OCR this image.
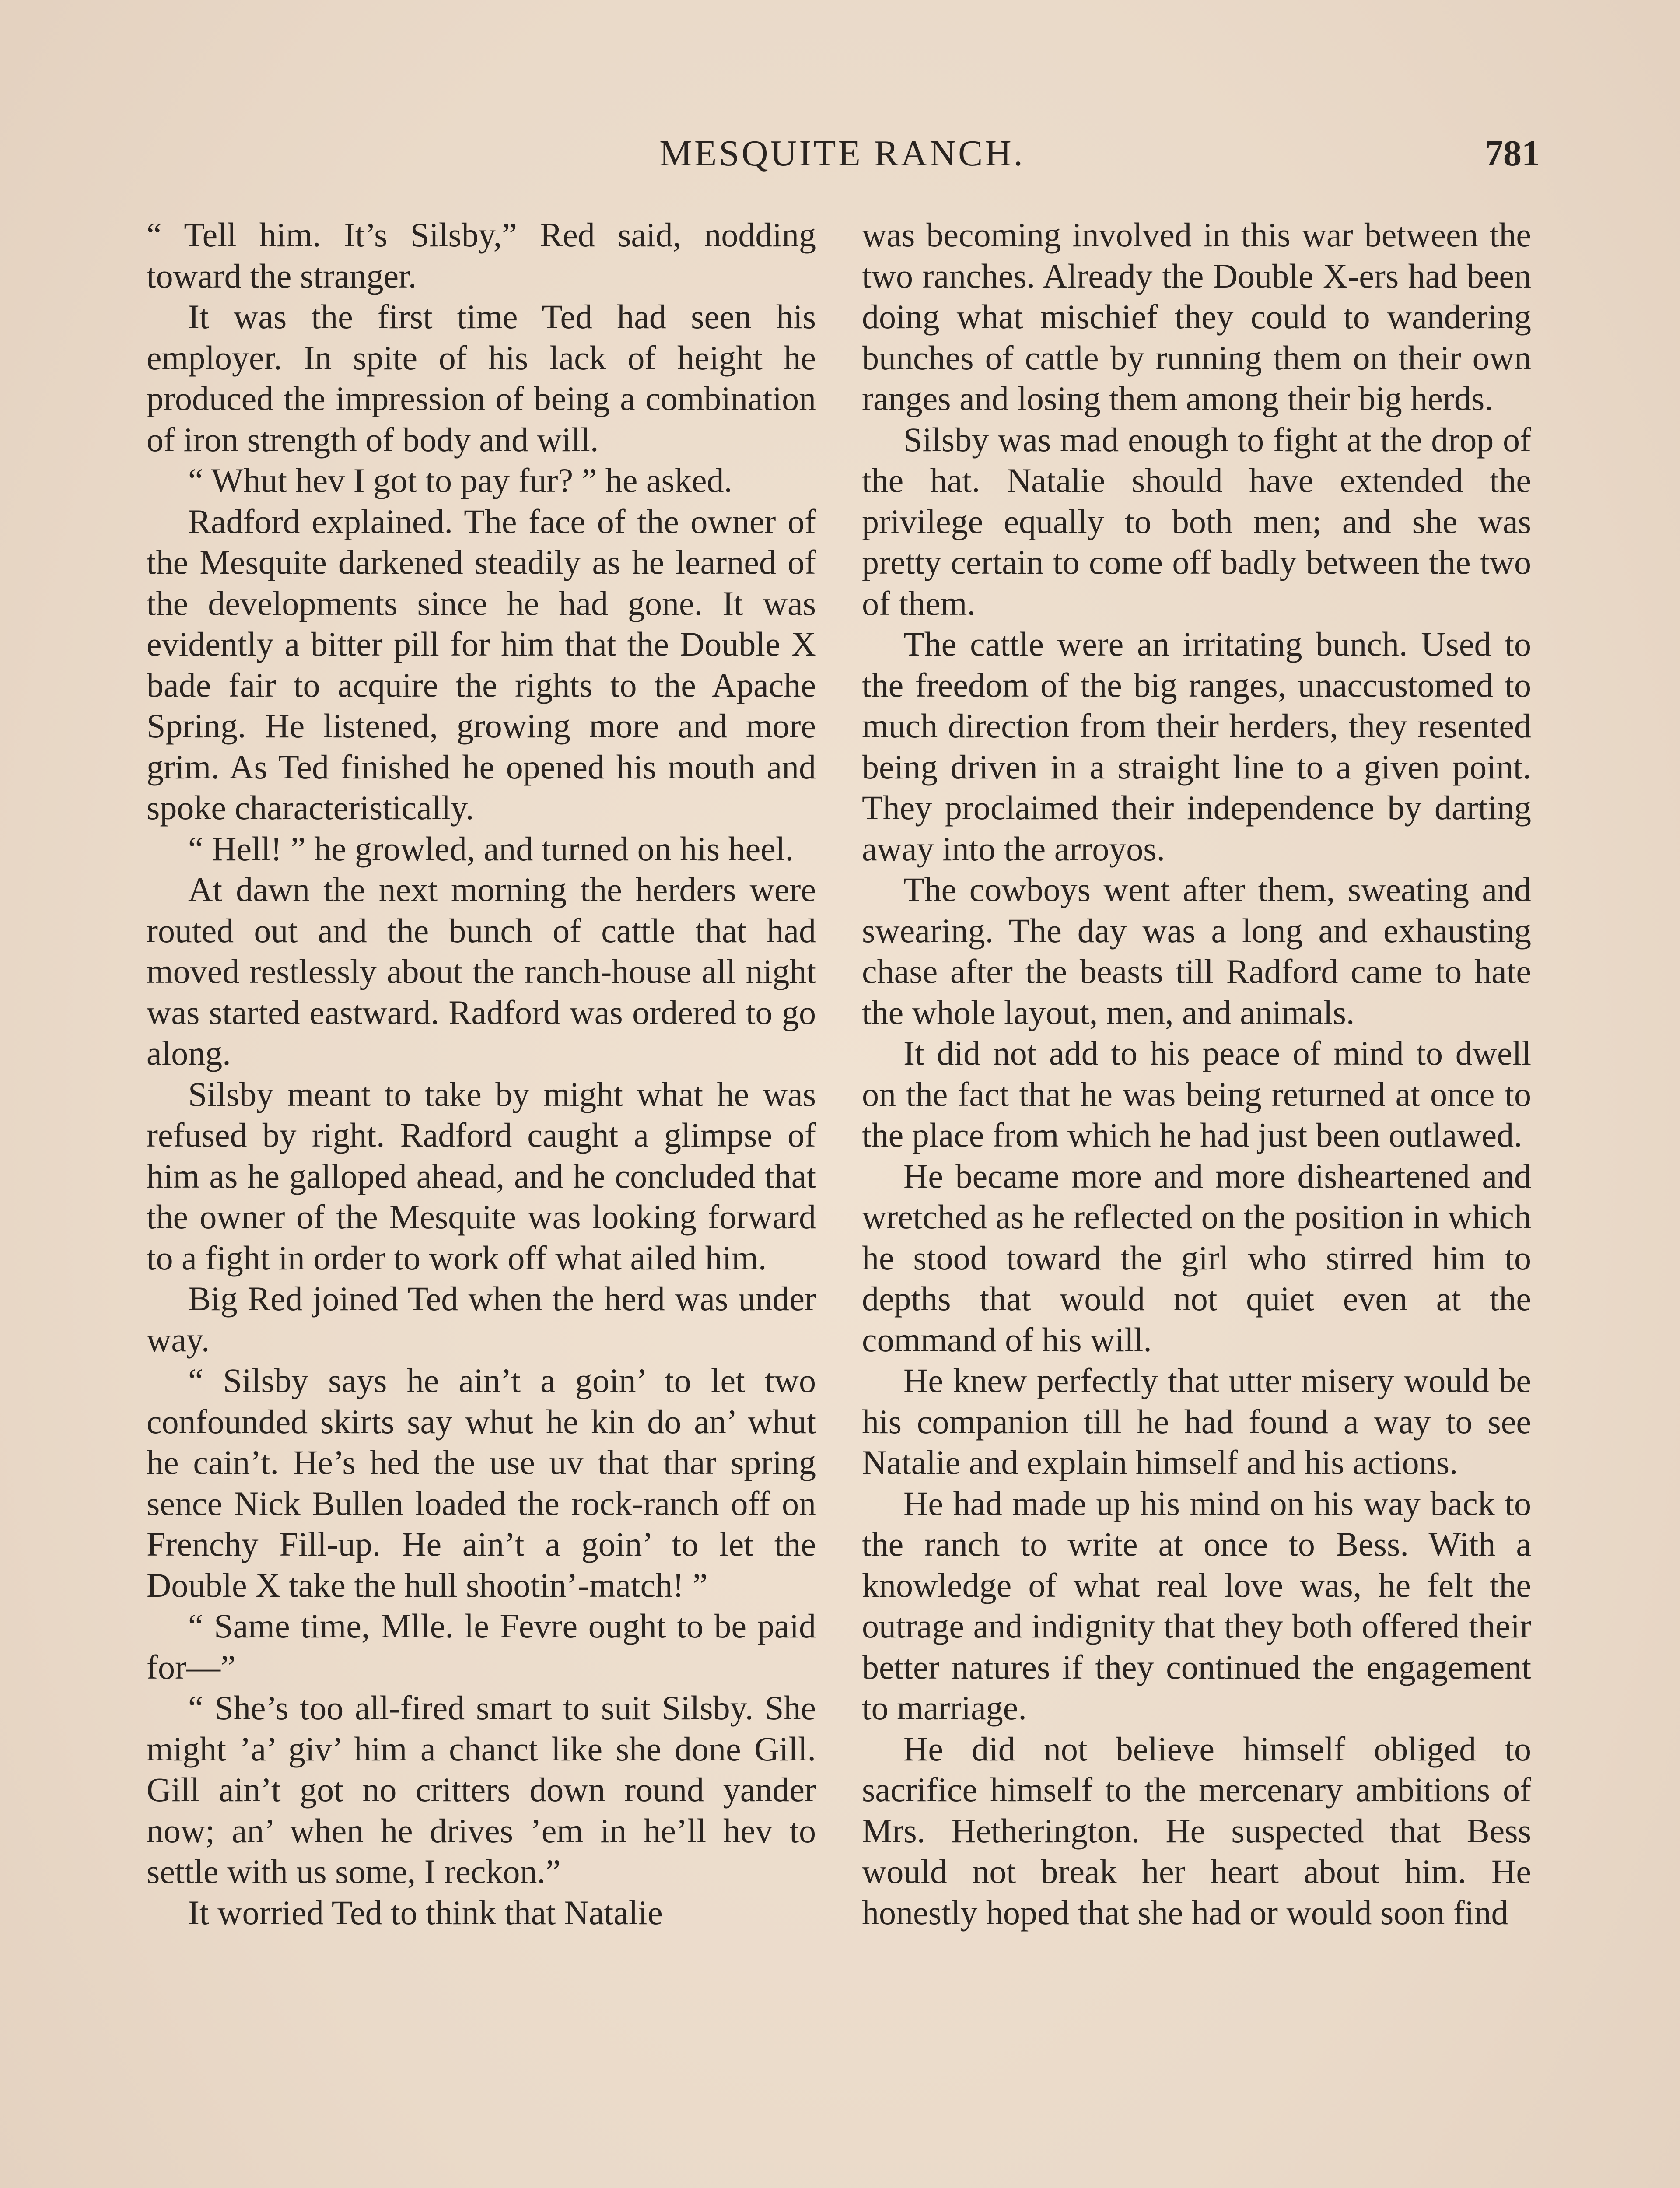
MESQUITE RANCH.	781

“ Tell him. It’s Silsby,” Red said, nodding toward the stranger.

It was the first time Ted had seen his employer. In spite of his lack of height he produced the impression of being a combination of iron strength of body and will.

“ Whut hev I got to pay fur? ” he asked.

Radford explained. The face of the owner of the Mesquite darkened steadily as he learned of the developments since he had gone. It was evidently a bitter pill for him that the Double X bade fair to acquire the rights to the Apache Spring. He listened, growing more and more grim. As Ted finished he opened his mouth and spoke characteristically.

“ Hell! ” he growled, and turned on his heel.

At dawn the next morning the herders were routed out and the bunch of cattle that had moved restlessly about the ranch-house all night was started eastward. Radford was ordered to go along.

Silsby meant to take by might what he was refused by right. Radford caught a glimpse of him as he galloped ahead, and he concluded that the owner of the Mesquite was looking forward to a fight in order to work off what ailed him.

Big Red joined Ted when the herd was under way.

“ Silsby says he ain’t a goin’ to let two confounded skirts say whut he kin do an’ whut he cain’t. He’s hed the use uv that thar spring sence Nick Bullen loaded the rock-ranch off on Frenchy Fill-up. He ain’t a goin’ to let the Double X take the hull shootin’-match! ”

“ Same time, Mlle. le Fevre ought to be paid for—”

“ She’s too all-fired smart to suit Silsby. She might ’a’ giv’ him a chanct like she done Gill. Gill ain’t got no critters down round yander now; an’ when he drives ’em in he’ll hev to settle with us some, I reckon.”

It worried Ted to think that Natalie

was becoming involved in this war between the two ranches. Already the Double X-ers had been doing what mischief they could to wandering bunches of cattle by running them on their own ranges and losing them among their big herds.

Silsby was mad enough to fight at the drop of the hat. Natalie should have extended the privilege equally to both men; and she was pretty certain to come off badly between the two of them.

The cattle were an irritating bunch. Used to the freedom of the big ranges, unaccustomed to much direction from their herders, they resented being driven in a straight line to a given point. They proclaimed their independence by darting away into the arroyos.

The cowboys went after them, sweating and swearing. The day was a long and exhausting chase after the beasts till Radford came to hate the whole layout, men, and animals.

It did not add to his peace of mind to dwell on the fact that he was being returned at once to the place from which he had just been outlawed.

He became more and more disheartened and wretched as he reflected on the position in which he stood toward the girl who stirred him to depths that would not quiet even at the command of his will.

He knew perfectly that utter misery would be his companion till he had found a way to see Natalie and explain himself and his actions.

He had made up his mind on his way back to the ranch to write at once to Bess. With a knowledge of what real love was, he felt the outrage and indignity that they both offered their better natures if they continued the engagement to marriage.

He did not believe himself obliged to sacrifice himself to the mercenary ambitions of Mrs. Hetherington. He suspected that Bess would not break her heart about him. He honestly hoped that she had or would soon find
